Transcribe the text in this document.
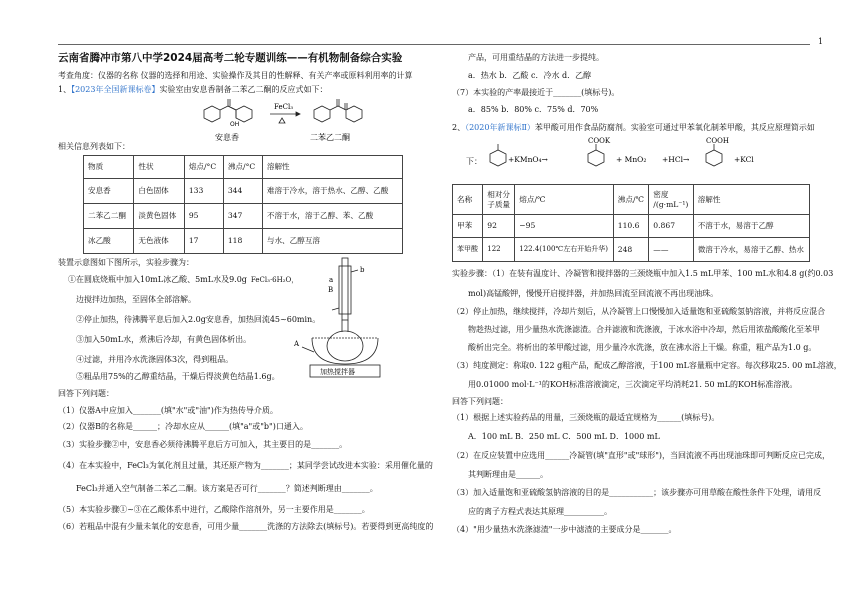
1
云南省腾冲市第八中学2024届高考二轮专题训练——有机物制备综合实验
考查角度：仪器的名称 仪器的选择和用途、实验操作及其目的性解释、有关产率或原料利用率的计算
1、【2023年全国新课标卷】实验室由安息香制备二苯乙二酮的反应式如下：
OH
FeCl₃
安息香	二苯乙二酮
相关信息列表如下：
物质	性状	熔点/°C	沸点/°C	溶解性
安息香	白色固体	133	344	难溶于冷水，溶于热水、乙醇、乙酸
二苯乙二酮	淡黄色固体	95	347	不溶于水，溶于乙醇、苯、乙酸
冰乙酸	无色液体	17	118	与水、乙醇互溶
装置示意图如下图所示，实验步骤为：
①在圆底烧瓶中加入10mL冰乙酸、5mL水及9.0g FeCl₃·6H₂O，
边搅拌边加热，至固体全部溶解。
②停止加热，待沸腾平息后加入2.0g安息香，加热回流45~60min。
③加入50mL水，煮沸后冷却，有黄色固体析出。
④过滤，并用冷水洗涤固体3次，得到粗品。
⑤粗品用75%的乙醇重结晶，干燥后得淡黄色结晶1.6g。
B
a
b
A
加热搅拌器
回答下列问题：
（1）仪器A中应加入_______(填"水"或"油")作为热传导介质。
（2）仪器B的名称是______；冷却水应从______(填"a"或"b")口通入。
（3）实验步骤②中，安息香必须待沸腾平息后方可加入，其主要目的是_______。
（4）在本实验中，FeCl₃为氧化剂且过量，其还原产物为_______；某同学尝试改进本实验：采用催化量的
FeCl₃并通入空气制备二苯乙二酮。该方案是否可行_______？简述判断理由_______。
（5）本实验步骤①~③在乙酸体系中进行，乙酸除作溶剂外，另一主要作用是_______。
（6）若粗品中混有少量未氧化的安息香，可用少量_______洗涤的方法除去(填标号)。若要得到更高纯度的
产品，可用重结晶的方法进一步提纯。
a．热水 b．乙酸 c．冷水 d．乙醇
（7）本实验的产率最接近于_______(填标号)。
a．85% b．80% c．75% d．70%
2、（2020年新课标Ⅱ）苯甲酸可用作食品防腐剂。实验室可通过甲苯氧化制苯甲酸，其反应原理简示如
下：	+KMnO₄→
COOK
+ MnO₂ +HCl→
COOH
+KCl
名称	相对分
子质量	熔点/℃	沸点/℃	密度
/(g·mL⁻¹)	溶解性
甲苯	92	−95	110.6	0.867	不溶于水，易溶于乙醇
苯甲酸	122	122.4(100℃左右开始升华)	248	——	微溶于冷水，易溶于乙醇、热水
实验步骤：（1）在装有温度计、冷凝管和搅拌器的三颈烧瓶中加入1.5 mL甲苯、100 mL水和4.8 g(约0.03
mol)高锰酸钾，慢慢开启搅拌器，并加热回流至回流液不再出现油珠。
（2）停止加热，继续搅拌，冷却片刻后，从冷凝管上口慢慢加入适量饱和亚硫酸氢钠溶液，并将反应混合
物趁热过滤，用少量热水洗涤滤渣。合并滤液和洗涤液，于冰水浴中冷却，然后用浓盐酸酸化至苯甲
酸析出完全。将析出的苯甲酸过滤，用少量冷水洗涤，放在沸水浴上干燥。称重，粗产品为1.0 g。
（3）纯度测定：称取0. 122 g粗产品，配成乙醇溶液，于100 mL容量瓶中定容。每次移取25. 00 mL溶液，
用0.01000 mol·L⁻¹的KOH标准溶液滴定，三次滴定平均消耗21. 50 mL的KOH标准溶液。
回答下列问题：
（1）根据上述实验药品的用量，三颈烧瓶的最适宜规格为______(填标号)。
A．100 mL B．250 mL C．500 mL D．1000 mL
（2）在反应装置中应选用______冷凝管(填"直形"或"球形")，当回流液不再出现油珠即可判断反应已完成，
其判断理由是______。
（3）加入适量饱和亚硫酸氢钠溶液的目的是___________；该步骤亦可用草酸在酸性条件下处理，请用反
应的离子方程式表达其原理__________。
（4）"用少量热水洗涤滤渣"一步中滤渣的主要成分是_______。
